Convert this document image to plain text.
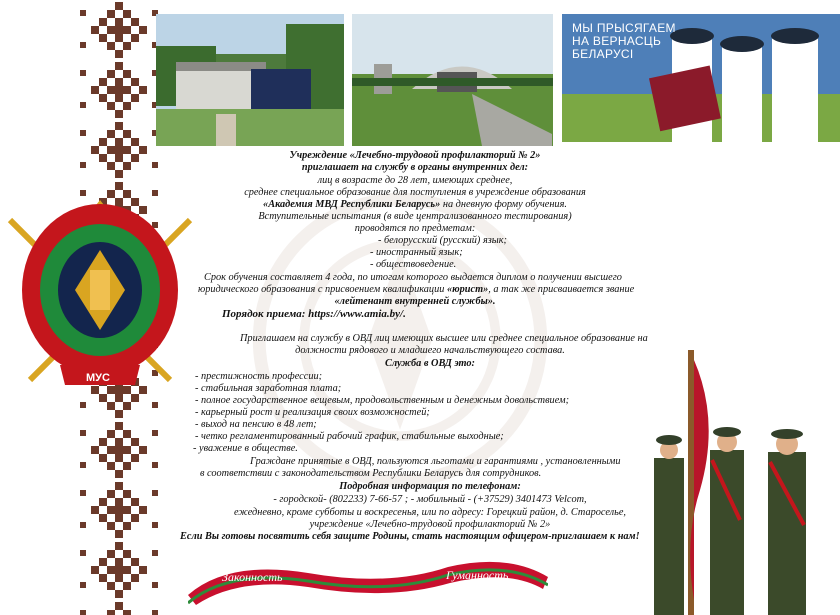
МЫ ПРЫСЯГАЕМ
НА ВЕРНАСЦЬ
БЕЛАРУСІ
МУС
Законность
Справедливость
Гуманность
Учреждение «Лечебно-трудовой профилакторий № 2»
приглашает на службу в органы внутренних дел:
лиц в возрасте до 28 лет, имеющих среднее,
среднее специальное образование для поступления в учреждение образования
«Академия МВД Республики Беларусь» на дневную форму обучения.
Вступительные испытания (в виде централизованного тестирования)
проводятся по предметам:
- белорусский (русский) язык;
- иностранный язык;
- обществоведение.
Срок обучения составляет 4 года, по итогам которого выдается диплом о получении высшего
юридического образования с присвоением квалификации «юрист», а так же присваивается звание
«лейтенант внутренней службы».
Порядок приема: https://www.amia.by/.
Приглашаем на службу в ОВД лиц имеющих высшее или среднее специальное образование на
должности рядового и младшего начальствующего состава.
Служба в ОВД это:
- престижность профессии;
- стабильная заработная плата;
- полное государственное вещевым, продовольственным и денежным довольствием;
- карьерный рост и реализация своих возможностей;
- выход на пенсию в 48 лет;
- четко регламентированный рабочий график, стабильные выходные;
- уважение в обществе.
Граждане принятые в ОВД, пользуются льготами и гарантиями , установленными
в соответствии с законодательством Республики Беларусь для сотрудников.
Подробная информация по телефонам:
- городской- (802233) 7-66-57 ; - мобильный - (+37529) 3401473 Velcom,
ежедневно, кроме субботы и воскресенья, или по адресу: Горецкий район, д. Староселье,
учреждение «Лечебно-трудовой профилакторий № 2»
Если Вы готовы посвятить себя защите Родины, стать настоящим офицером-приглашаем к нам!
